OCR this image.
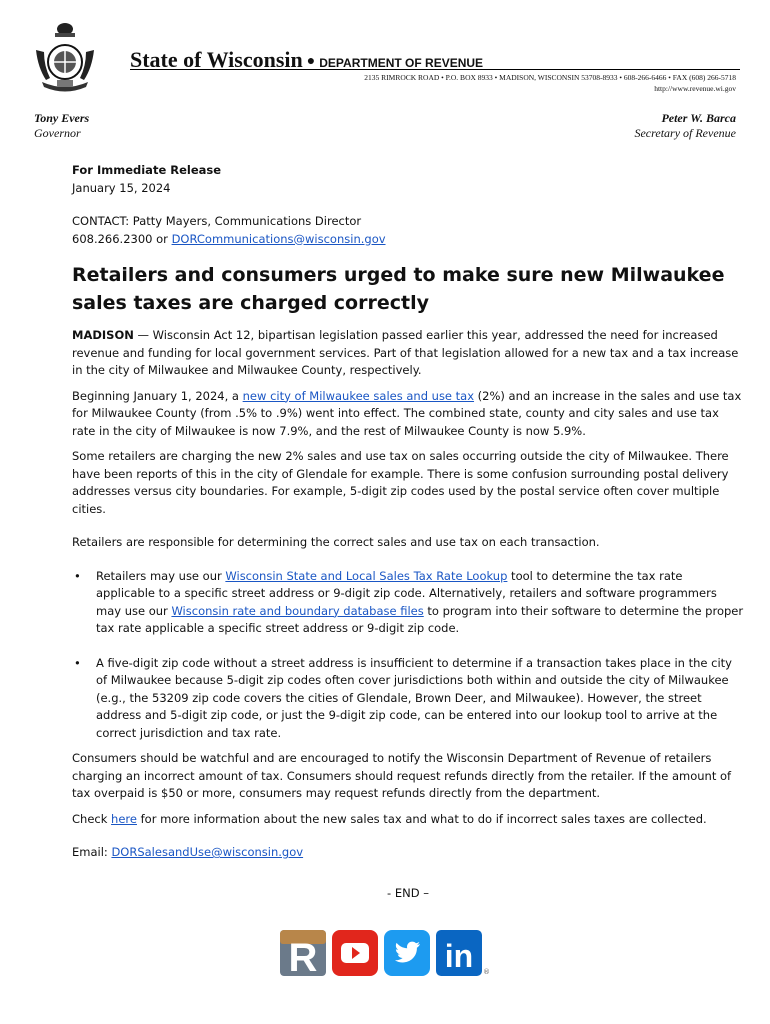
State of Wisconsin ● DEPARTMENT OF REVENUE
2135 RIMROCK ROAD • P.O. BOX 8933 • MADISON, WISCONSIN 53708-8933 • 608-266-6466 • FAX (608) 266-5718
http://www.revenue.wi.gov
Tony Evers
Governor
Peter W. Barca
Secretary of Revenue

For Immediate Release

January 15, 2024

CONTACT: Patty Mayers, Communications Director

608.266.2300 or DORCommunications@wisconsin.gov

Retailers and consumers urged to make sure new Milwaukee sales taxes are charged correctly

MADISON — Wisconsin Act 12, bipartisan legislation passed earlier this year, addressed the need for increased revenue and funding for local government services. Part of that legislation allowed for a new tax and a tax increase in the city of Milwaukee and Milwaukee County, respectively.

Beginning January 1, 2024, a new city of Milwaukee sales and use tax (2%) and an increase in the sales and use tax for Milwaukee County (from .5% to .9%) went into effect. The combined state, county and city sales and use tax rate in the city of Milwaukee is now 7.9%, and the rest of Milwaukee County is now 5.9%.

Some retailers are charging the new 2% sales and use tax on sales occurring outside the city of Milwaukee. There have been reports of this in the city of Glendale for example. There is some confusion surrounding postal delivery addresses versus city boundaries. For example, 5-digit zip codes used by the postal service often cover multiple cities.

Retailers are responsible for determining the correct sales and use tax on each transaction.

• Retailers may use our Wisconsin State and Local Sales Tax Rate Lookup tool to determine the tax rate applicable to a specific street address or 9-digit zip code. Alternatively, retailers and software programmers may use our Wisconsin rate and boundary database files to program into their software to determine the proper tax rate applicable a specific street address or 9-digit zip code.
• A five-digit zip code without a street address is insufficient to determine if a transaction takes place in the city of Milwaukee because 5-digit zip codes often cover jurisdictions both within and outside the city of Milwaukee (e.g., the 53209 zip code covers the cities of Glendale, Brown Deer, and Milwaukee). However, the street address and 5-digit zip code, or just the 9-digit zip code, can be entered into our lookup tool to arrive at the correct jurisdiction and tax rate.

Consumers should be watchful and are encouraged to notify the Wisconsin Department of Revenue of retailers charging an incorrect amount of tax. Consumers should request refunds directly from the retailer. If the amount of tax overpaid is $50 or more, consumers may request refunds directly from the department.

Check here for more information about the new sales tax and what to do if incorrect sales taxes are collected.

Email: DORSalesandUse@wisconsin.gov

- END –

R	in ®
